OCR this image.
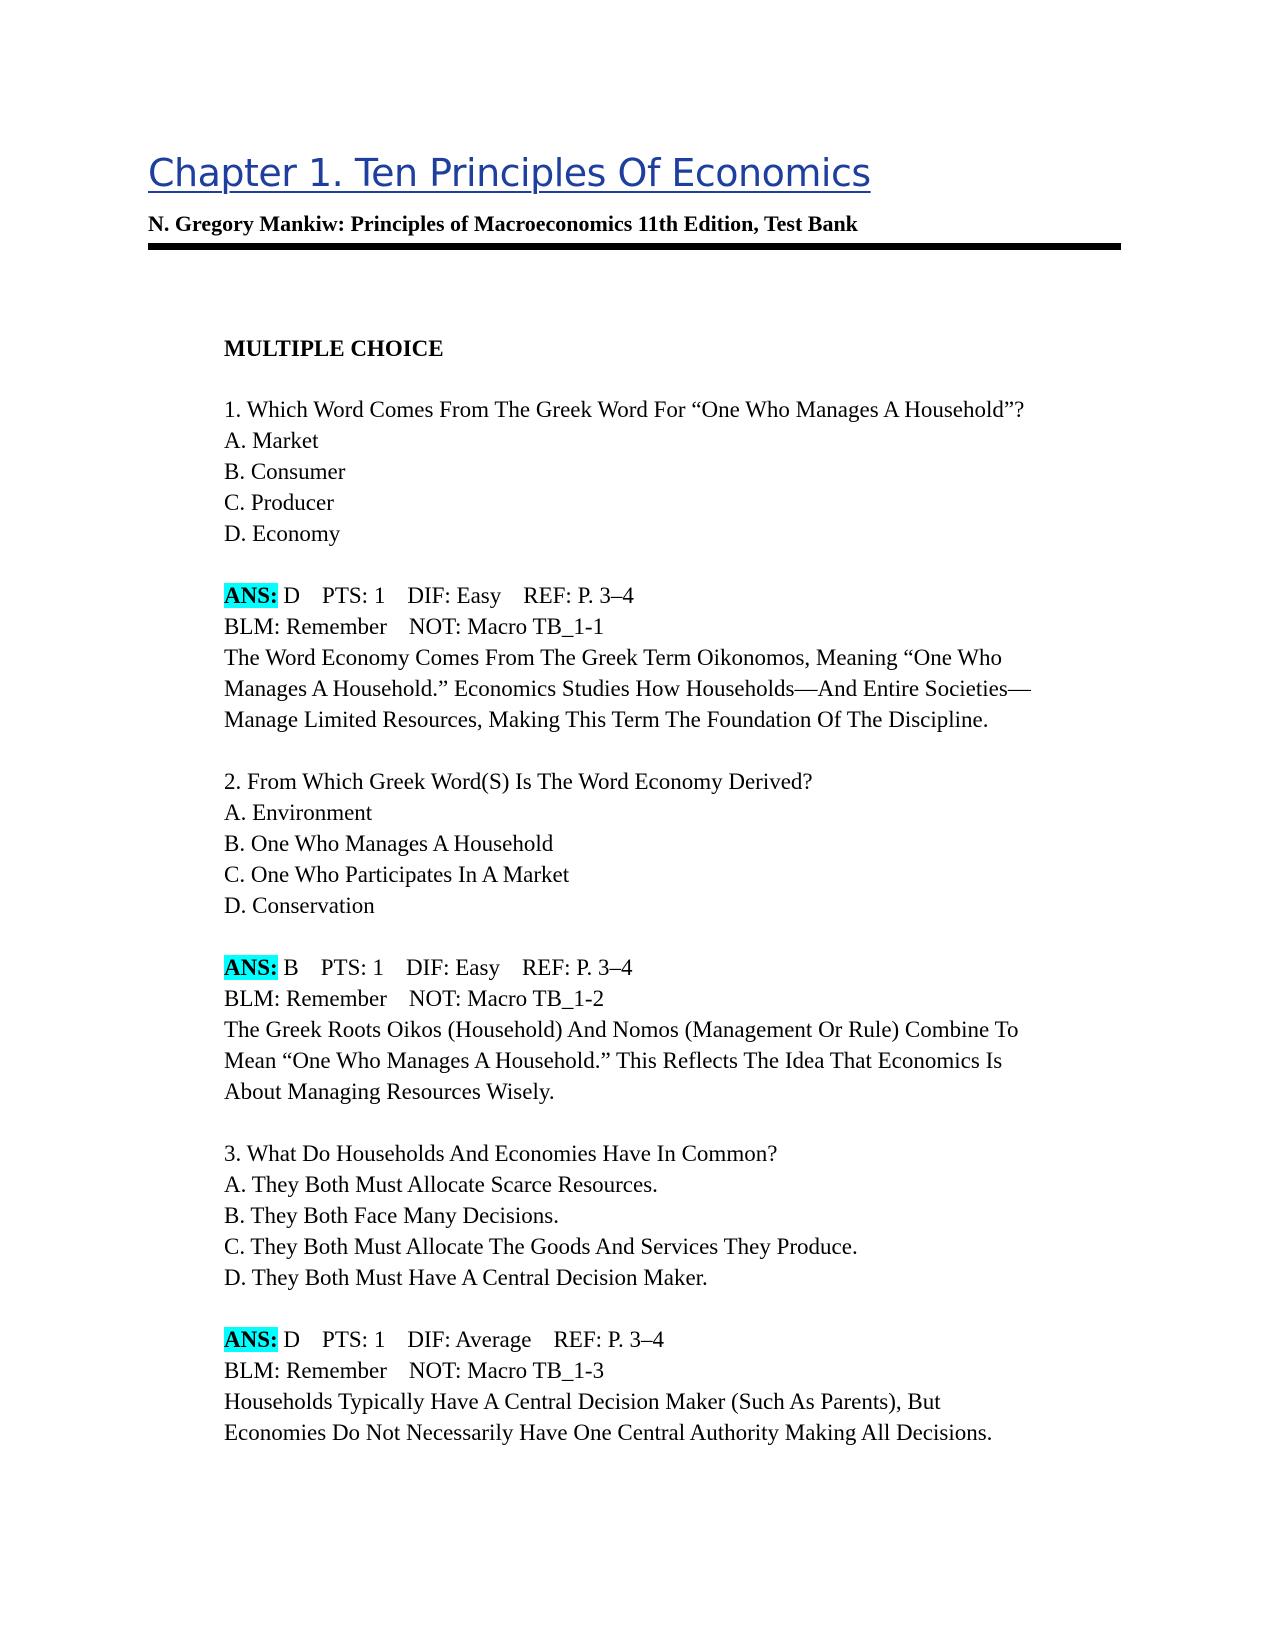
Chapter 1. Ten Principles Of Economics

N. Gregory Mankiw: Principles of Macroeconomics 11th Edition, Test Bank

MULTIPLE CHOICE

1. Which Word Comes From The Greek Word For “One Who Manages A Household”?

A. Market

B. Consumer

C. Producer

D. Economy

ANS: D PTS: 1 DIF: Easy REF: P. 3–4

BLM: Remember NOT: Macro TB_1-1

The Word Economy Comes From The Greek Term Oikonomos, Meaning “One Who

Manages A Household.” Economics Studies How Households—And Entire Societies—

Manage Limited Resources, Making This Term The Foundation Of The Discipline.

2. From Which Greek Word(S) Is The Word Economy Derived?

A. Environment

B. One Who Manages A Household

C. One Who Participates In A Market

D. Conservation

ANS: B PTS: 1 DIF: Easy REF: P. 3–4

BLM: Remember NOT: Macro TB_1-2

The Greek Roots Oikos (Household) And Nomos (Management Or Rule) Combine To

Mean “One Who Manages A Household.” This Reflects The Idea That Economics Is

About Managing Resources Wisely.

3. What Do Households And Economies Have In Common?

A. They Both Must Allocate Scarce Resources.

B. They Both Face Many Decisions.

C. They Both Must Allocate The Goods And Services They Produce.

D. They Both Must Have A Central Decision Maker.

ANS: D PTS: 1 DIF: Average REF: P. 3–4

BLM: Remember NOT: Macro TB_1-3

Households Typically Have A Central Decision Maker (Such As Parents), But

Economies Do Not Necessarily Have One Central Authority Making All Decisions.
